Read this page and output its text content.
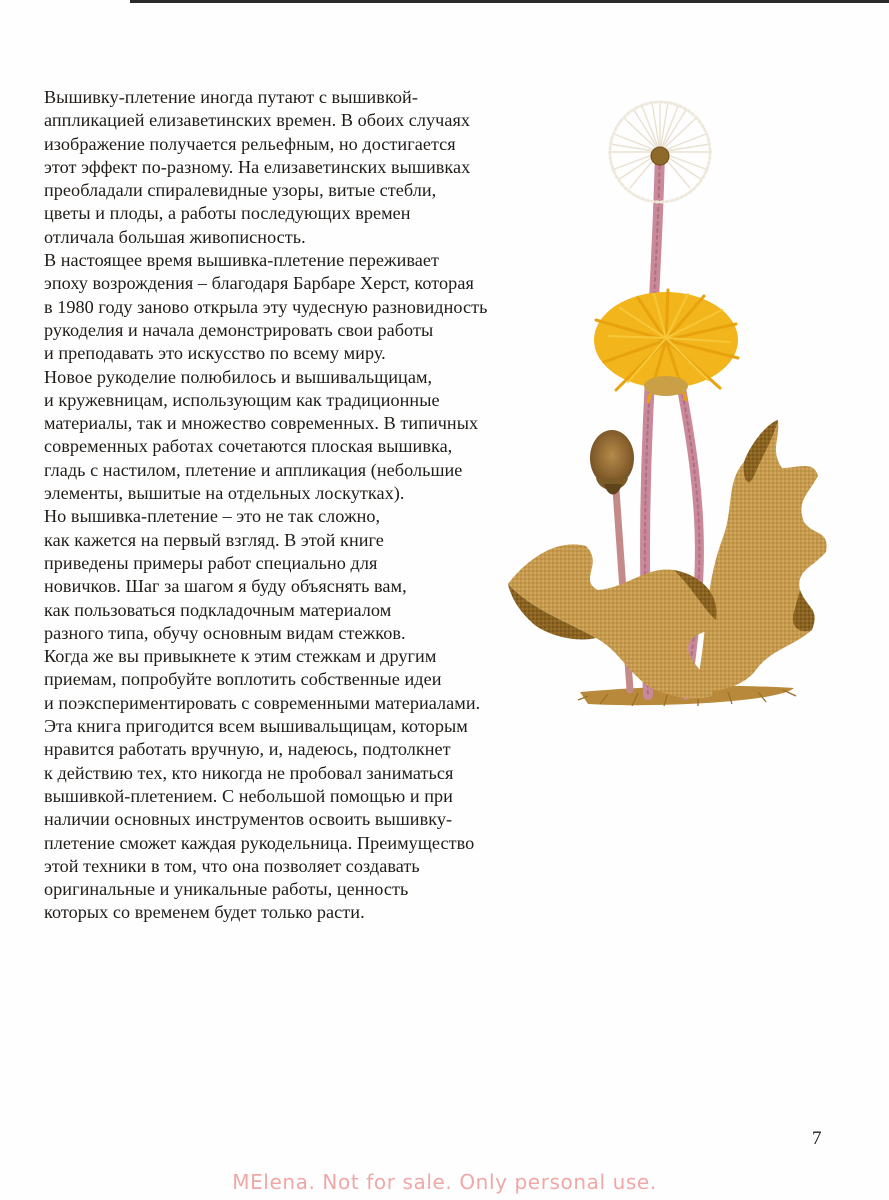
Вышивку-плетение иногда путают с вышивкой-
аппликацией елизаветинских времен. В обоих случаях
изображение получается рельефным, но достигается
этот эффект по-разному. На елизаветинских вышивках
преобладали спиралевидные узоры, витые стебли,
цветы и плоды, а работы последующих времен
отличала большая живописность.
В настоящее время вышивка-плетение переживает
эпоху возрождения – благодаря Барбаре Херст, которая
в 1980 году заново открыла эту чудесную разновидность
рукоделия и начала демонстрировать свои работы
и преподавать это искусство по всему миру.
Новое рукоделие полюбилось и вышивальщицам,
и кружевницам, использующим как традиционные
материалы, так и множество современных. В типичных
современных работах сочетаются плоская вышивка,
гладь с настилом, плетение и аппликация (небольшие
элементы, вышитые на отдельных лоскутках).
Но вышивка-плетение – это не так сложно,
как кажется на первый взгляд. В этой книге
приведены примеры работ специально для
новичков. Шаг за шагом я буду объяснять вам,
как пользоваться подкладочным материалом
разного типа, обучу основным видам стежков.
Когда же вы привыкнете к этим стежкам и другим
приемам, попробуйте воплотить собственные идеи
и поэкспериментировать с современными материалами.
Эта книга пригодится всем вышивальщицам, которым
нравится работать вручную, и, надеюсь, подтолкнет
к действию тех, кто никогда не пробовал заниматься
вышивкой-плетением. С небольшой помощью и при
наличии основных инструментов освоить вышивку-
плетение сможет каждая рукодельница. Преимущество
этой техники в том, что она позволяет создавать
оригинальные и уникальные работы, ценность
которых со временем будет только расти.
7
MElena. Not for sale. Only personal use.
